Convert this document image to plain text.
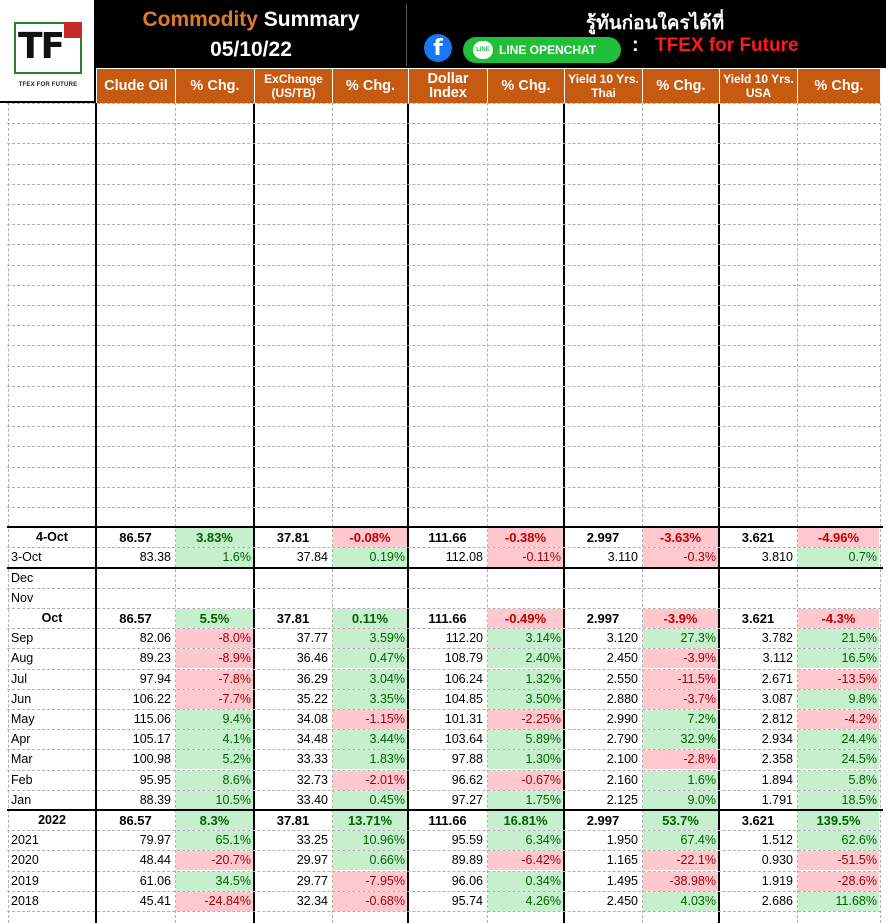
TF
TFEX FOR FUTURE
Commodity Summary
05/10/22
รู้ทันก่อนใครได้ที่
f	LINE LINE OPENCHAT	: TFEX for Future
Clude Oil	% Chg.	ExChange (US/TB)	% Chg.	Dollar Index	% Chg.	Yield 10 Yrs. Thai	% Chg.	Yield 10 Yrs. USA	% Chg.
4-Oct	86.57	3.83%	37.81	-0.08%	111.66	-0.38%	2.997	-3.63%	3.621	-4.96%
3-Oct	83.38	1.6%	37.84	0.19%	112.08	-0.11%	3.110	-0.3%	3.810	0.7%
Dec
Nov
Oct	86.57	5.5%	37.81	0.11%	111.66	-0.49%	2.997	-3.9%	3.621	-4.3%
Sep	82.06	-8.0%	37.77	3.59%	112.20	3.14%	3.120	27.3%	3.782	21.5%
Aug	89.23	-8.9%	36.46	0.47%	108.79	2.40%	2.450	-3.9%	3.112	16.5%
Jul	97.94	-7.8%	36.29	3.04%	106.24	1.32%	2.550	-11.5%	2.671	-13.5%
Jun	106.22	-7.7%	35.22	3.35%	104.85	3.50%	2.880	-3.7%	3.087	9.8%
May	115.06	9.4%	34.08	-1.15%	101.31	-2.25%	2.990	7.2%	2.812	-4.2%
Apr	105.17	4.1%	34.48	3.44%	103.64	5.89%	2.790	32.9%	2.934	24.4%
Mar	100.98	5.2%	33.33	1.83%	97.88	1.30%	2.100	-2.8%	2.358	24.5%
Feb	95.95	8.6%	32.73	-2.01%	96.62	-0.67%	2.160	1.6%	1.894	5.8%
Jan	88.39	10.5%	33.40	0.45%	97.27	1.75%	2.125	9.0%	1.791	18.5%
2022	86.57	8.3%	37.81	13.71%	111.66	16.81%	2.997	53.7%	3.621	139.5%
2021	79.97	65.1%	33.25	10.96%	95.59	6.34%	1.950	67.4%	1.512	62.6%
2020	48.44	-20.7%	29.97	0.66%	89.89	-6.42%	1.165	-22.1%	0.930	-51.5%
2019	61.06	34.5%	29.77	-7.95%	96.06	0.34%	1.495	-38.98%	1.919	-28.6%
2018	45.41	-24.84%	32.34	-0.68%	95.74	4.26%	2.450	4.03%	2.686	11.68%
